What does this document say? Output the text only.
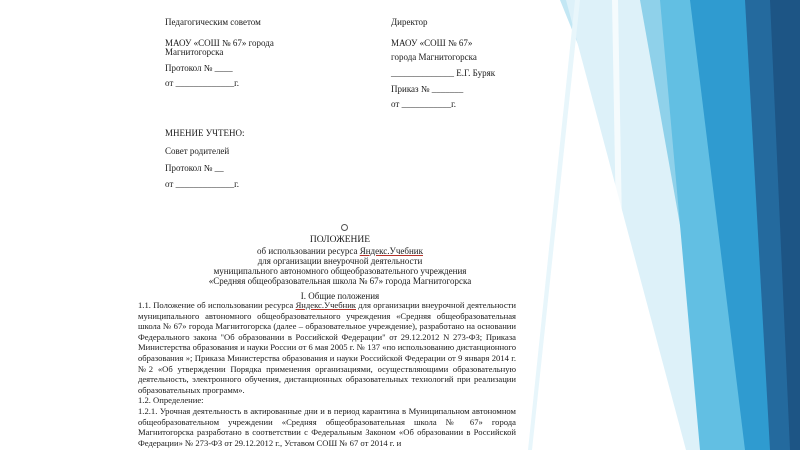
Педагогическим советом
МАОУ «СОШ № 67» города
Магнитогорска
Протокол № ____
от _____________г.
Директор
МАОУ «СОШ № 67»
города Магнитогорска
______________ Е.Г. Буряк
Приказ № _______
от ___________г.
МНЕНИЕ УЧТЕНО:
Совет родителей
Протокол № __
от _____________г.
ПОЛОЖЕНИЕ
об использовании ресурса Яндекс.Учебник
для организации внеурочной деятельности
муниципального автономного общеобразовательного учреждения
«Средняя общеобразовательная школа № 67» города Магнитогорска
I. Общие положения

1.1. Положение об использовании ресурса Яндекс.Учебник для организации внеурочной деятельности муниципального автономного общеобразовательного учреждения «Средняя общеобразовательная школа № 67» города Магнитогорска (далее – образовательное учреждение), разработано на основании Федерального закона "Об образовании в Российской Федерации" от 29.12.2012 N 273-ФЗ; Приказа Министерства образования и науки России от 6 мая 2005 г. № 137 «по использованию дистанционного образования »; Приказа Министерства образования и науки Российской Федерации от 9 января 2014 г. №2 «Об утверждении Порядка применения организациями, осуществляющими образовательную деятельность, электронного обучения, дистанционных образовательных технологий при реализации образовательных программ».

1.2. Определение:

1.2.1. Урочная деятельность в актированные дни и в период карантина в Муниципальном автономном общеобразовательном учреждении «Средняя общеобразовательная школа № 67» города Магнитогорска разработано в соответствии с Федеральным Законом «Об образовании в Российской Федерации» № 273-ФЗ от 29.12.2012 г., Уставом СОШ № 67 от 2014 г. и
